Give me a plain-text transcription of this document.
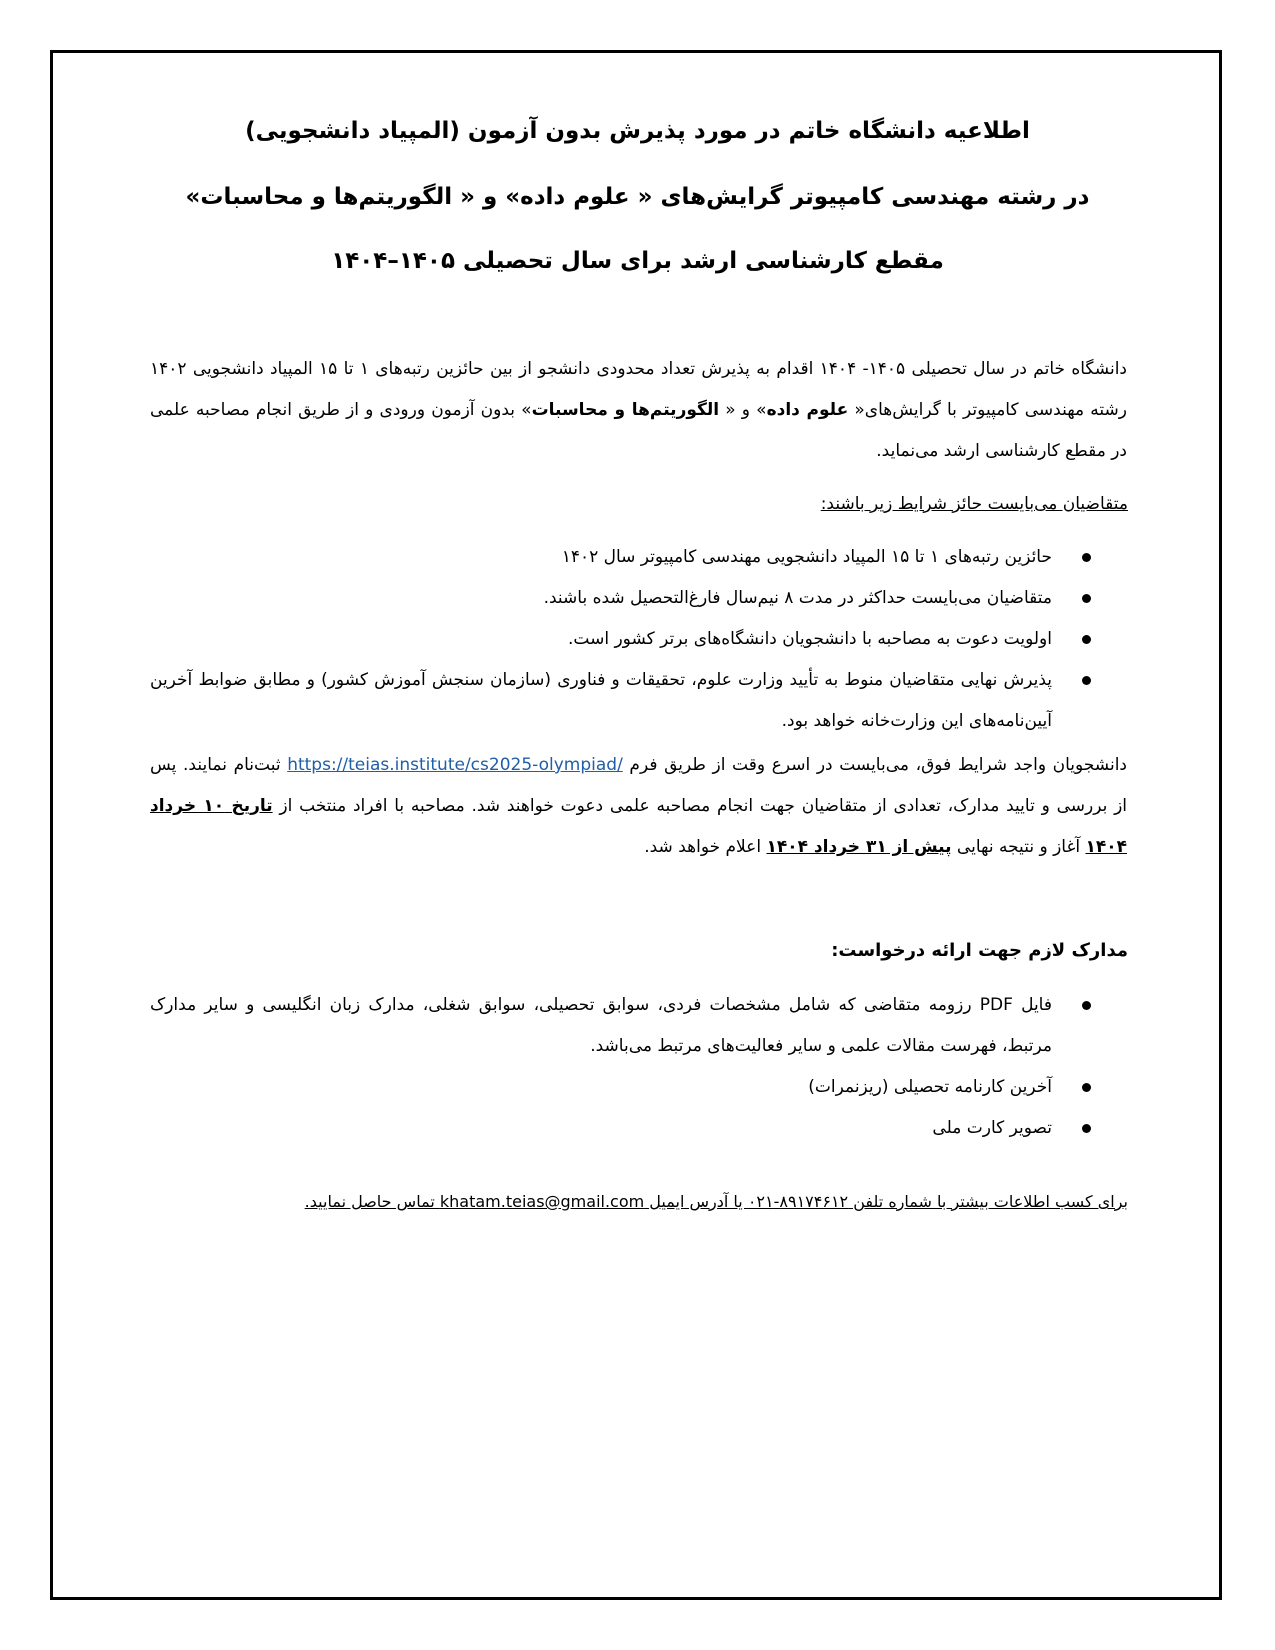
اطلاعیه دانشگاه خاتم در مورد پذیرش بدون آزمون (المپیاد دانشجویی)
در رشته مهندسی کامپیوتر گرایش‌های « علوم داده» و « الگوریتم‌ها و محاسبات»
مقطع کارشناسی ارشد برای سال تحصیلی ۱۴۰۵–۱۴۰۴
دانشگاه خاتم در سال تحصیلی ۱۴۰۵- ۱۴۰۴ اقدام به پذیرش تعداد محدودی دانشجو از بین حائزین رتبه‌های ۱ تا ۱۵ المپیاد دانشجویی ۱۴۰۲ رشته مهندسی کامپیوتر با گرایش‌های« علوم داده» و « الگوریتم‌ها و محاسبات» بدون آزمون ورودی و از طریق انجام مصاحبه علمی در مقطع کارشناسی ارشد می‌نماید.
متقاضیان می‌بایست حائز شرایط زیر باشند:
حائزین رتبه‌های ۱ تا ۱۵ المپیاد دانشجویی مهندسی کامپیوتر سال ۱۴۰۲
متقاضیان می‌بایست حداکثر در مدت ۸ نیم‌سال فارغ‌التحصیل شده باشند.
اولویت دعوت به مصاحبه با دانشجویان دانشگاه‌های برتر کشور است.
پذیرش نهایی متقاضیان منوط به تأیید وزارت علوم، تحقیقات و فناوری (سازمان سنجش آموزش کشور) و مطابق ضوابط آخرین آیین‌نامه‌های این وزارت‌خانه خواهد بود.
دانشجویان واجد شرایط فوق، می‌بایست در اسرع وقت از طریق فرم https://teias.institute/cs2025-olympiad/ ثبت‌نام نمایند. پس از بررسی و تایید مدارک، تعدادی از متقاضیان جهت انجام مصاحبه علمی دعوت خواهند شد. مصاحبه با افراد منتخب از تاریخ ۱۰ خرداد ۱۴۰۴ آغاز و نتیجه نهایی پیش از ۳۱ خرداد ۱۴۰۴ اعلام خواهد شد.
مدارک لازم جهت ارائه درخواست:
فایل PDF رزومه متقاضی که شامل مشخصات فردی، سوابق تحصیلی، سوابق شغلی، مدارک زبان انگلیسی و سایر مدارک مرتبط، فهرست مقالات علمی و سایر فعالیت‌های مرتبط می‌باشد.
آخرین کارنامه تحصیلی (ریزنمرات)
تصویر کارت ملی
برای کسب اطلاعات بیشتر با شماره تلفن ۸۹۱۷۴۶۱۲-۰۲۱ یا آدرس ایمیل khatam.teias@gmail.com تماس حاصل نمایید.
